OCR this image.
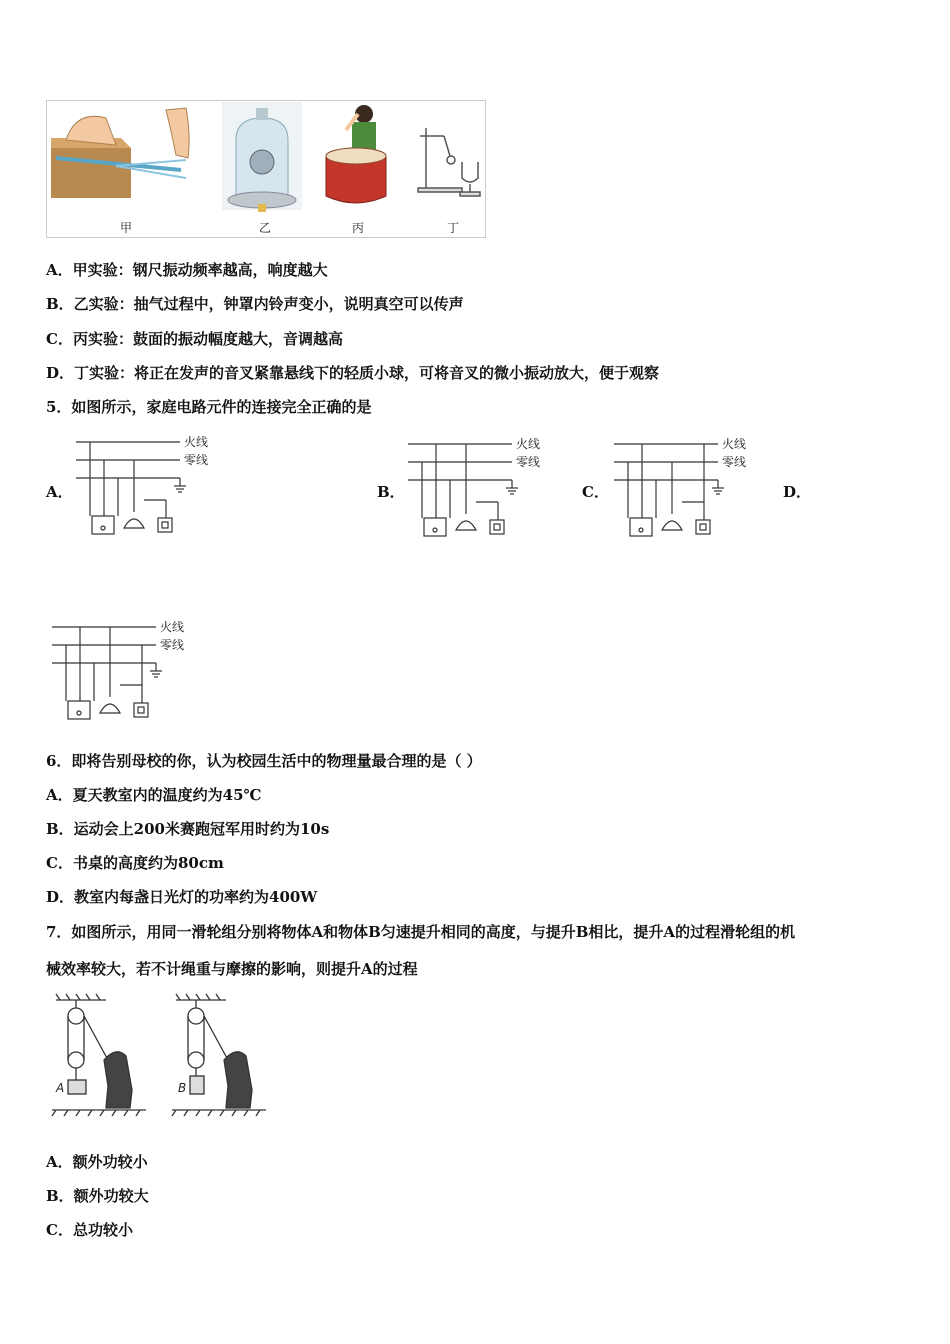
甲	乙	丙	丁
A．甲实验：钢尺振动频率越高，响度越大
B．乙实验：抽气过程中，钟罩内铃声变小，说明真空可以传声
C．丙实验：鼓面的振动幅度越大，音调越高
D．丁实验：将正在发声的音叉紧靠悬线下的轻质小球，可将音叉的微小振动放大，便于观察
5．如图所示，家庭电路元件的连接完全正确的是
A．	B．	C．	D．
火线
零线
火线
零线
火线
零线
火线
零线
6．即将告别母校的你，认为校园生活中的物理量最合理的是（ ）
A．夏天教室内的温度约为45℃
B．运动会上200米赛跑冠军用时约为10s
C．书桌的高度约为80cm
D．教室内每盏日光灯的功率约为400W
7．如图所示，用同一滑轮组分别将物体A和物体B匀速提升相同的高度，与提升B相比，提升A的过程滑轮组的机
械效率较大，若不计绳重与摩擦的影响，则提升A的过程
A	B
A．额外功较小
B．额外功较大
C．总功较小
